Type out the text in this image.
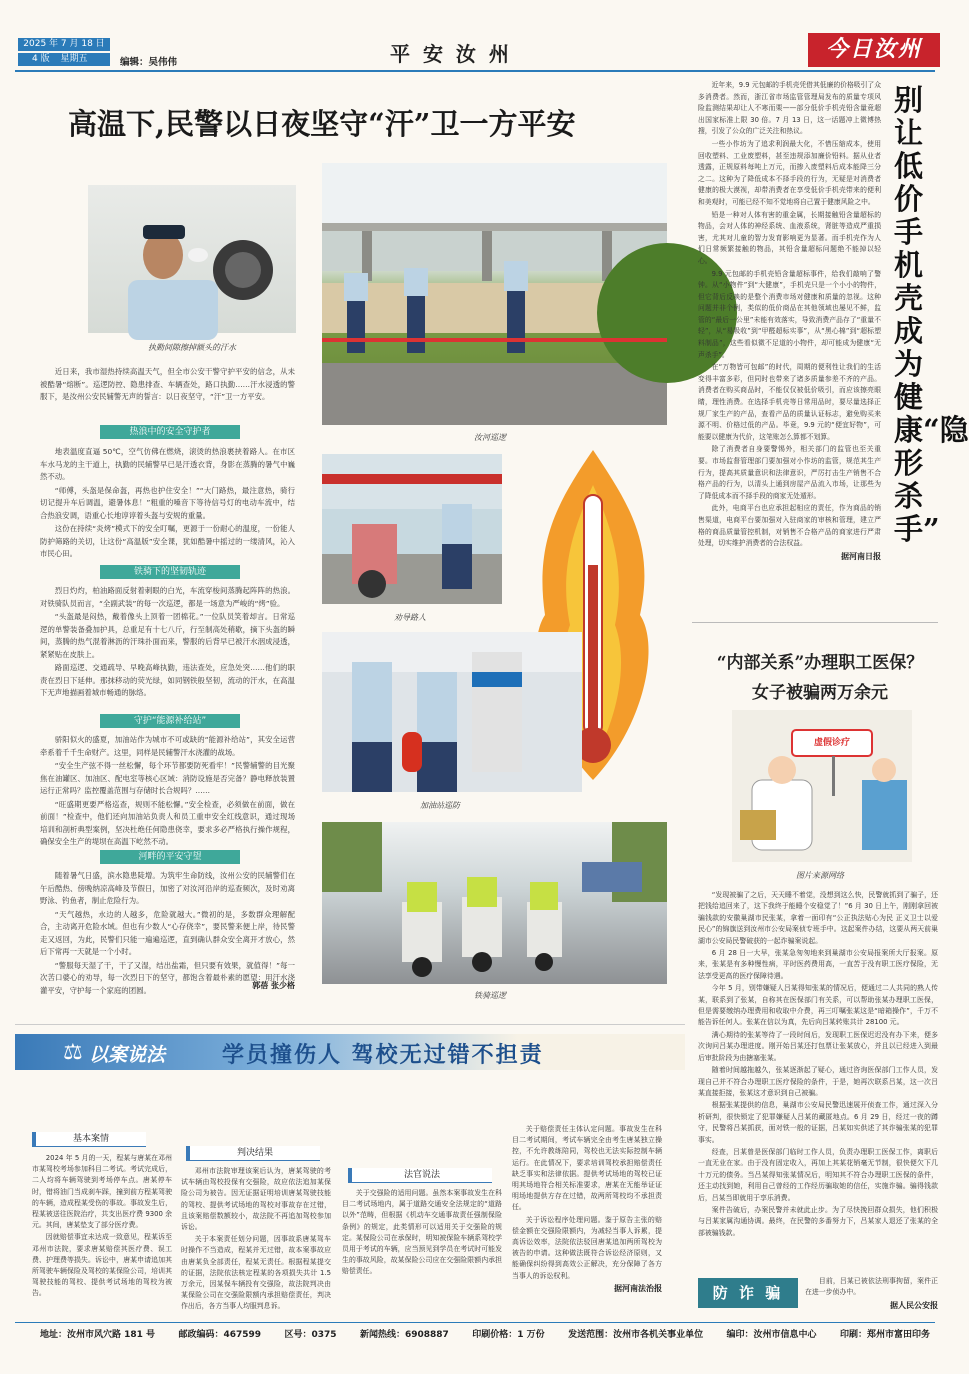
2025 年 7 月 18 日
4 版 星期五	编辑：吴伟伟	平 安 汝 州	今日汝州
高温下,民警以日夜坚守“汗”卫一方平安
执勤间隙擦掉额头的汗水

近日来，我市湿热持续高温天气，但全市公安干警守护平安的信念，从未被酷暑“熔断”。巡逻防控、隐患排查、车辆查处，路口执勤……汗水浸透的警服下，是汝州公安民辅警无声的誓言：以日夜坚守，“汗”卫一方平安。

热浪中的安全守护者

地表温度直逼 50℃，空气仿佛在燃烧，滚烫的热浪裹挟着路人。在市区车水马龙的主干道上，执勤的民辅警早已是汗透衣背，身影在蒸腾的暑气中巍然不动。

“师傅，头盔是保命盔，再热也护住安全！”“大门路热，最注意热，骑行切记提升车后调温，避暑体息！”粗重的嗓音下等待信号灯的电动车流中，结合热浪安调，语重心长地谆谆着头盔与安规的重量。

这份在持续“炎烤”模式下的安全叮嘱，更源于一份耐心的温度，一份能人防护筛路的关切，让这份“高温版”安全课，犹如酷暑中摇过的一缕清风，沁入市民心田。

铁骑下的坚韧轨迹

烈日灼灼，柏油路面反射着刺眼的白光，车流穿梭间蒸腾起阵阵的热浪。对铁骑队员而言，“全副武装”的每一次巡逻，都是一场意为严峻的“烤”验。

“头盔最是闷热，戴着像头上顶着一团棉花。”一位队员笑着却言。日常巡逻的单警装备叠加护具，总重足有十七八斤，行至制高处稍歇，摘下头盔的瞬间，蒸腾的热气混着淋沥的汗珠扑面而来，警服的后背早已被汗水洇成浸透，紧紧贴在皮肤上。

路面巡逻、交通疏导、早晚高峰执勤，违法查处，应急处突……他们的职责在烈日下延伸。那抹移动的荧光绿，如同钢铁般坚韧，流动的汗水，在高温下无声地描画着城市畅通的脉络。

守护“能源补给站”

骄阳似火的盛夏，加油站作为城市不可或缺的“能源补给站”，其安全运营牵系着千千生命财产。这里，同样是民辅警汗水浇灌的战场。

“安全生产弦不得一丝松懈，每个环节都要防死看牢！”民警辅警的目光聚焦在油罐区、加油区、配电室等核心区域：消防设施是否完备？静电释放装置运行正常吗？监控覆盖范围与存储时长合规吗？……

“旺盛期更要严格巡查，规则不能松懈。”安全检查，必须做在前面，做在前面！”检查中，他们还向加油站负责人和员工重申安全红线意识，通过现场培训和剖析典型案例，坚决杜绝任何隐患侥幸，要求多必严格执行操作规程，确保安全生产的堤坝在高温下屹然不动。

河畔的平安守望

随着暑气日盛，滨水隐患陡增。为筑牢生命防线，汝州公安的民辅警们在午后酷热、傍晚纳凉高峰及节假日，加密了对汝河沿岸的巡查频次，及时劝离野泳、钓鱼者，制止危险行为。

“天气越热，水边的人越多，危险就越大。”微初的是，多数群众理解配合，主动离开危险水域。但也有少数人“心存侥幸”，要民警来便上岸，待民警走又返回，为此，民警们只能一遍遍巡逻，直到确认群众安全离开才放心，然后下常再一天就是一个小时。

“警服每天湿了干，干了又湿，结出盐霜，但只要有效果，就值得！”每一次苦口婆心的劝导，每一次烈日下的坚守，都饱含着最朴素的愿望：用汗水浇灌平安，守护每一个家庭的团圆。	郭蓓 张少格
汝河巡逻
劝导路人
加油站巡防
铁骑巡逻

近年来，9.9 元包邮的手机壳凭借其低廉的价格吸引了众多消费者。然而，浙江省市场监管管理局发布的质量专项风险监测结果却让人不寒而栗——部分低价手机壳铅含量竟超出国家标准上限 30 倍。7 月 13 日，这一话题冲上微博热搜，引发了公众的广泛关注和热议。

一些小作坊为了追求利润最大化，不惜压缩成本，使用回收塑料、工业废塑料，甚至违规添加廉价铅料。据从业者透露，正规原料每吨上万元，而掺入废塑料后成本能降三分之二。这种为了降低成本不择手段的行为，无疑是对消费者健康的极大漠视，却带消费者在享受低价手机壳带来的便利和美观时，可能已经不知不觉地将自己置于健康风险之中。

铅是一种对人体有害的重金属，长期接触铅含量超标的物品，会对人体的神经系统、血液系统，肾脏等造成严重损害，尤其对儿童的智力发育影响更为显著。而手机壳作为人们日常频繁接触的物品，其铅含量超标问题绝不能掉以轻心。

9.9 元包邮的手机壳铅含量超标事件，给我们敲响了警钟。从“小物件”到“大健康”，手机壳只是一个小小的物件，但它背后反映的是整个消费市场对健康和质量的忽视。这种问题并非个例，类似的低价商品在其他领域也屡见不鲜，监管的“最后一公里”未能有效落实，导致消费产品存了“重量不轻”，从“易吸收”到“甲醛超标实事”，从“黑心棉”到“超标塑料制品”，这些看似微不足道的小物件，却可能成为健康“无声杀手”。

在“万物皆可包邮”的时代，周期的便利性让我们的生活变得丰富多彩，但同时也带来了诸多质量参差不齐的产品。消费者在购买商品时，不能仅仅被低价吸引，而应该擦亮眼睛，理性消费。在选择手机壳等日常用品时，要尽量选择正规厂家生产的产品，查看产品的质量认证标志，避免购买来源不明、价格过低的产品。毕竟，9.9 元的“便宜好物”，可能要以健康为代价，这笔账怎么算都不划算。

除了消费者自身要警惕外，相关部门的监管也至关重要。市场监督管理部门要加强对小作坊的监管，规范其生产行为，提高其质量意识和法律意识，严厉打击生产销售不合格产品的行为，以清头上通到房屋产品流入市场，让那些为了降低成本而不择手段的商家无处遁形。

此外，电商平台也应承担起相应的责任，作为商品的销售渠道，电商平台要加强对入驻商家的审核和管理，建立严格的商品质量管控机制，对销售不合格产品的商家进行严肃处理，切实维护消费者的合法权益。

据河南日报
别让低价手机壳成为健康“隐形杀手”
“内部关系”办理职工医保？
女子被骗两万余元
虚假诊疗
图片来源网络

“发现被骗了之后，天天睡不着觉，没想到这么快，民警就抓到了骗子，还把钱给追回来了，这下我终于能睡个安稳觉了！”6 月 30 日上午，刚刚拿回被骗钱款的安徽巢湖市民张某，拿着一面印有“公正执法贴心为民 正义卫士以爱民心”的锦旗送到汝州市公安局案侦专班手中。这起案件办结，这要从两天前巢湖市公安局民警破获的一起诈骗案说起。

6 月 28 日一大早，张某急匆匆地来到巢湖市公安局报案所大厅报案。原来，张某是有多种慢性病，平时医药费用高，一直苦于没有职工医疗保险，无法享受更高的医疗保障待遇。

今年 5 月，别带嫌疑人吕某得知张某的情况后，便通过二人共同的熟人传某，联系到了张某，自称其在医保部门有关系，可以帮助张某办理职工医保，但是需要缴纳办理费用和收取中介费，再三叮嘱张某这是“暗箱操作”，千万不能告诉任何人。张某在信以为真，先后向吕某转账共计 28100 元。

满心期待的张某等待了一段时间后，发现职工医保迟迟没有办下来，便多次询问吕某办理进度。刚开始吕某还打包票让张某放心，并且以已经进入到最后审批阶段为由搪塞张某。

随着时间越拖越久，张某逐渐起了疑心，通过咨询医保部门工作人员，发现自己并不符合办理职工医疗保险的条件，于是，她再次联系吕某，这一次吕某直接拒接，张某这才意识到自己被骗。

根据张某提供的信息，巢湖市公安局民警迅速展开侦查工作，通过深入分析研判，很快锁定了犯罪嫌疑人吕某的藏匿地点。6 月 29 日，经过一夜的蹲守，民警将吕某抓获，面对铁一般的证据，吕某如实供述了其诈骗张某的犯罪事实。

经查，吕某曾是医保部门临时工作人员，负责办理职工医保工作，离职后一直无业在家。由于没有固定收入，再加上其某花销毫无节制，很快便欠下几十万元的债务。当吕某得知张某情况后，明知其不符合办理职工医保的条件，还主动找到她，利用自己曾经的工作经历骗取她的信任，实施诈骗。骗得钱款后，吕某当即就用于享乐消费。

案件告破后，办案民警并未就此止步。为了尽快挽回群众损失，他们积极与吕某家属沟通协调。最终，在民警的多番努力下，吕某家人退还了张某的全部被骗钱款。

防 诈 骗

目前，吕某已被依法刑事拘留，案件正在进一步侦办中。

据人民公安报
⚖ 以案说法	学员撞伤人 驾校无过错不担责
基本案情

2024 年 5 月的一天，程某与唐某在邓州市某驾校考场参加科目二考试。考试完成后，二人均将车辆驾驶到考场停车点。唐某停车时，错将油门当成刹车踩，撞到前方程某驾驶的车辆，造成程某受伤的事故。事故发生后，程某被送往医院治疗，共支出医疗费 9300 余元。其间，唐某垫支了部分医疗费。

因就赔偿事宜未达成一致意见，程某诉至邓州市法院，要求唐某赔偿其医疗费、误工费、护理费等损失。诉讼中，唐某申请追加其所驾驶车辆保险及驾校的某保险公司，培训其驾驶技能的驾校、提供考试场地的驾校为被告。

判决结果

邓州市法院审理该案后认为，唐某驾驶的考试车辆由驾校投保有交强险，故应依法追加某保险公司为被告。因无证据证明培训唐某驾驶技能的驾校、提供考试场地的驾校对事故存在过错，且该案赔偿数额较小，故法院不再追加驾校参加诉讼。

关于本案责任划分问题，因事故系唐某驾车时操作不当造成，程某并无过错，故本案事故应由唐某负全部责任，程某无责任。根据程某提交的证据，法院依法核定程某的各项损失共计 1.5 万余元，因某保车辆投有交强险，故法院判决由某保险公司在交强险限额内承担赔偿责任，判决作出后，各方当事人均服判息诉。

法官说法

关于交强险的适用问题。虽然本案事故发生在科目二考试场地内，属于道路交通安全法规定的“道路以外”范畴，但根据《机动车交通事故责任强制保险条例》的规定，此类情形可以适用关于交强险的规定。某保险公司在承保时，明知被保险车辆系驾校学员用于考试的车辆，应当预见到学员在考试时可能发生的事故风险，故某保险公司应在交强险限额内承担赔偿责任。

关于赔偿责任主体认定问题。事故发生在科目二考试期间，考试车辆完全由考生唐某独立操控，不允许教练陪同，驾校也无法实际控制车辆运行。在此情况下，要求培训驾校承担赔偿责任缺乏事实和法律依据。提供考试场地的驾校已证明其场地符合相关标准要求，唐某在无能举证证明场地提供方存在过错，故两所驾校均不承担责任。

关于诉讼程序处理问题。鉴于原告主张的赔偿金额在交强险限额内，为减轻当事人诉累，提高诉讼效率，法院依法驳回唐某追加两所驾校为被告的申请。这种做法既符合诉讼经济原则，又能确保纠纷得到高效公正解决，充分保障了各方当事人的诉讼权利。

据河南法治报
地址：汝州市风穴路 181 号	邮政编码：467599	区号：0375	新闻热线：6908887	印刷价格：1 万份	发送范围：汝州市各机关事业单位	编印：汝州市信息中心	印刷：郑州市富田印务
